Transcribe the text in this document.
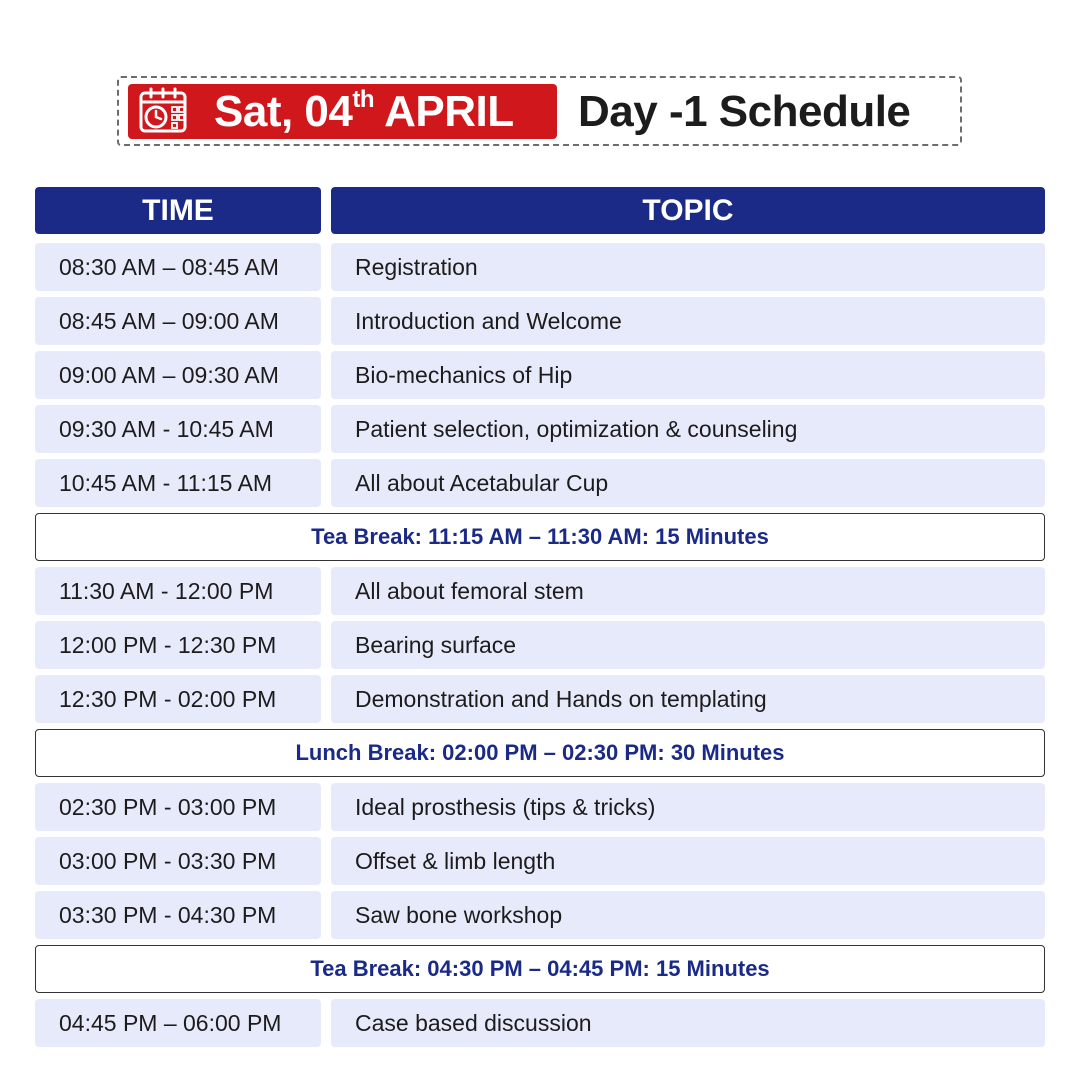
Sat, 04th APRIL Day -1 Schedule
TIME	TOPIC
08:30 AM – 08:45 AM	Registration
08:45 AM – 09:00 AM	Introduction and Welcome
09:00 AM – 09:30 AM	Bio-mechanics of Hip
09:30 AM - 10:45 AM	Patient selection, optimization & counseling
10:45 AM - 11:15 AM	All about Acetabular Cup
Tea Break: 11:15 AM – 11:30 AM: 15 Minutes
11:30 AM - 12:00 PM	All about femoral stem
12:00 PM - 12:30 PM	Bearing surface
12:30 PM - 02:00 PM	Demonstration and Hands on templating
Lunch Break: 02:00 PM – 02:30 PM: 30 Minutes
02:30 PM - 03:00 PM	Ideal prosthesis (tips & tricks)
03:00 PM - 03:30 PM	Offset & limb length
03:30 PM - 04:30 PM	Saw bone workshop
Tea Break: 04:30 PM – 04:45 PM: 15 Minutes
04:45 PM – 06:00 PM	Case based discussion
